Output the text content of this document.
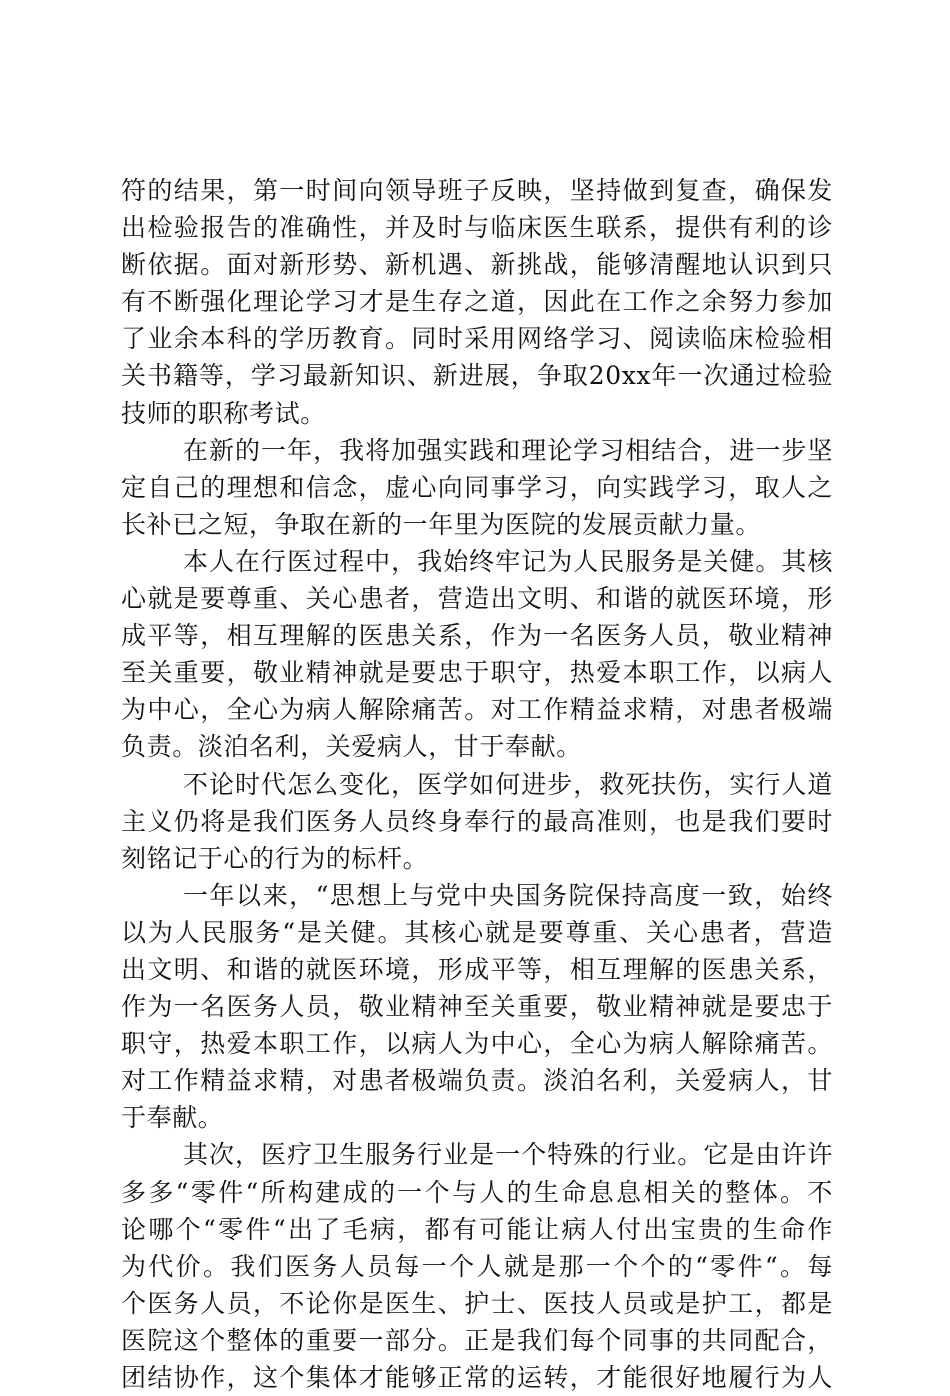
符的结果，第一时间向领导班子反映，坚持做到复查，确保发
出检验报告的准确性，并及时与临床医生联系，提供有利的诊
断依据。面对新形势、新机遇、新挑战，能够清醒地认识到只
有不断强化理论学习才是生存之道，因此在工作之余努力参加
了业余本科的学历教育。同时采用网络学习、阅读临床检验相
关书籍等，学习最新知识、新进展，争取20xx年一次通过检验
技师的职称考试。
在新的一年，我将加强实践和理论学习相结合，进一步坚
定自己的理想和信念，虚心向同事学习，向实践学习，取人之
长补已之短，争取在新的一年里为医院的发展贡献力量。
本人在行医过程中，我始终牢记为人民服务是关健。其核
心就是要尊重、关心患者，营造出文明、和谐的就医环境，形
成平等，相互理解的医患关系，作为一名医务人员，敬业精神
至关重要，敬业精神就是要忠于职守，热爱本职工作，以病人
为中心，全心为病人解除痛苦。对工作精益求精，对患者极端
负责。淡泊名利，关爱病人，甘于奉献。
不论时代怎么变化，医学如何进步，救死扶伤，实行人道
主义仍将是我们医务人员终身奉行的最高准则，也是我们要时
刻铭记于心的行为的标杆。
一年以来，“思想上与党中央国务院保持高度一致，始终
以为人民服务“是关健。其核心就是要尊重、关心患者，营造
出文明、和谐的就医环境，形成平等，相互理解的医患关系，
作为一名医务人员，敬业精神至关重要，敬业精神就是要忠于
职守，热爱本职工作，以病人为中心，全心为病人解除痛苦。
对工作精益求精，对患者极端负责。淡泊名利，关爱病人，甘
于奉献。
其次，医疗卫生服务行业是一个特殊的行业。它是由许许
多多“零件“所构建成的一个与人的生命息息相关的整体。不
论哪个“零件“出了毛病，都有可能让病人付出宝贵的生命作
为代价。我们医务人员每一个人就是那一个个的“零件“。每
个医务人员，不论你是医生、护士、医技人员或是护工，都是
医院这个整体的重要一部分。正是我们每个同事的共同配合，
团结协作，这个集体才能够正常的运转，才能很好地履行为人
